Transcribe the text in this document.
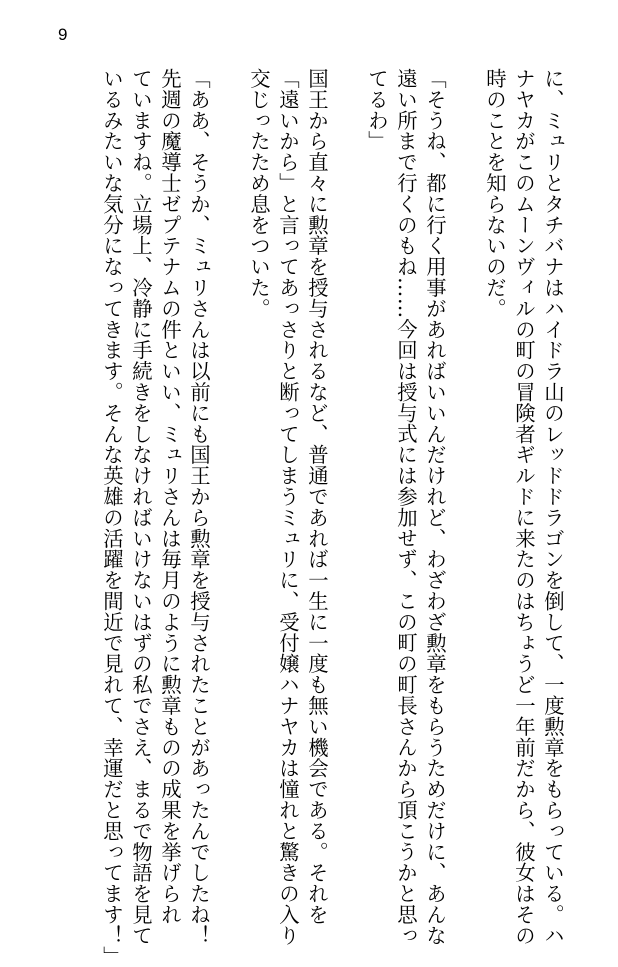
9
に、ミュリとタチバナはハイドラ山のレッドドラゴンを倒して、一度勲章をもらっている。ハ
ナヤカがこのムーンヴィルの町の冒険者ギルドに来たのはちょうど一年前だから、彼女はその
時のことを知らないのだ。
「そうね、都に行く用事があればいいんだけれど、わざわざ勲章をもらうためだけに、あんな
遠い所まで行くのもね……今回は授与式には参加せず、この町の町長さんから頂こうかと思っ
てるわ」
国王から直々に勲章を授与されるなど、普通であれば一生に一度も無い機会である。それを
「遠いから」と言ってあっさりと断ってしまうミュリに、受付嬢ハナヤカは憧れと驚きの入り
交じったため息をついた。
「ああ、そうか、ミュリさんは以前にも国王から勲章を授与されたことがあったんでしたね！
先週の魔導士ゼプテナムの件といい、ミュリさんは毎月のように勲章ものの成果を挙げられ
ていますね。立場上、冷静に手続きをしなければいけないはずの私でさえ、まるで物語を見て
いるみたいな気分になってきます。そんな英雄の活躍を間近で見れて、幸運だと思ってます！」
